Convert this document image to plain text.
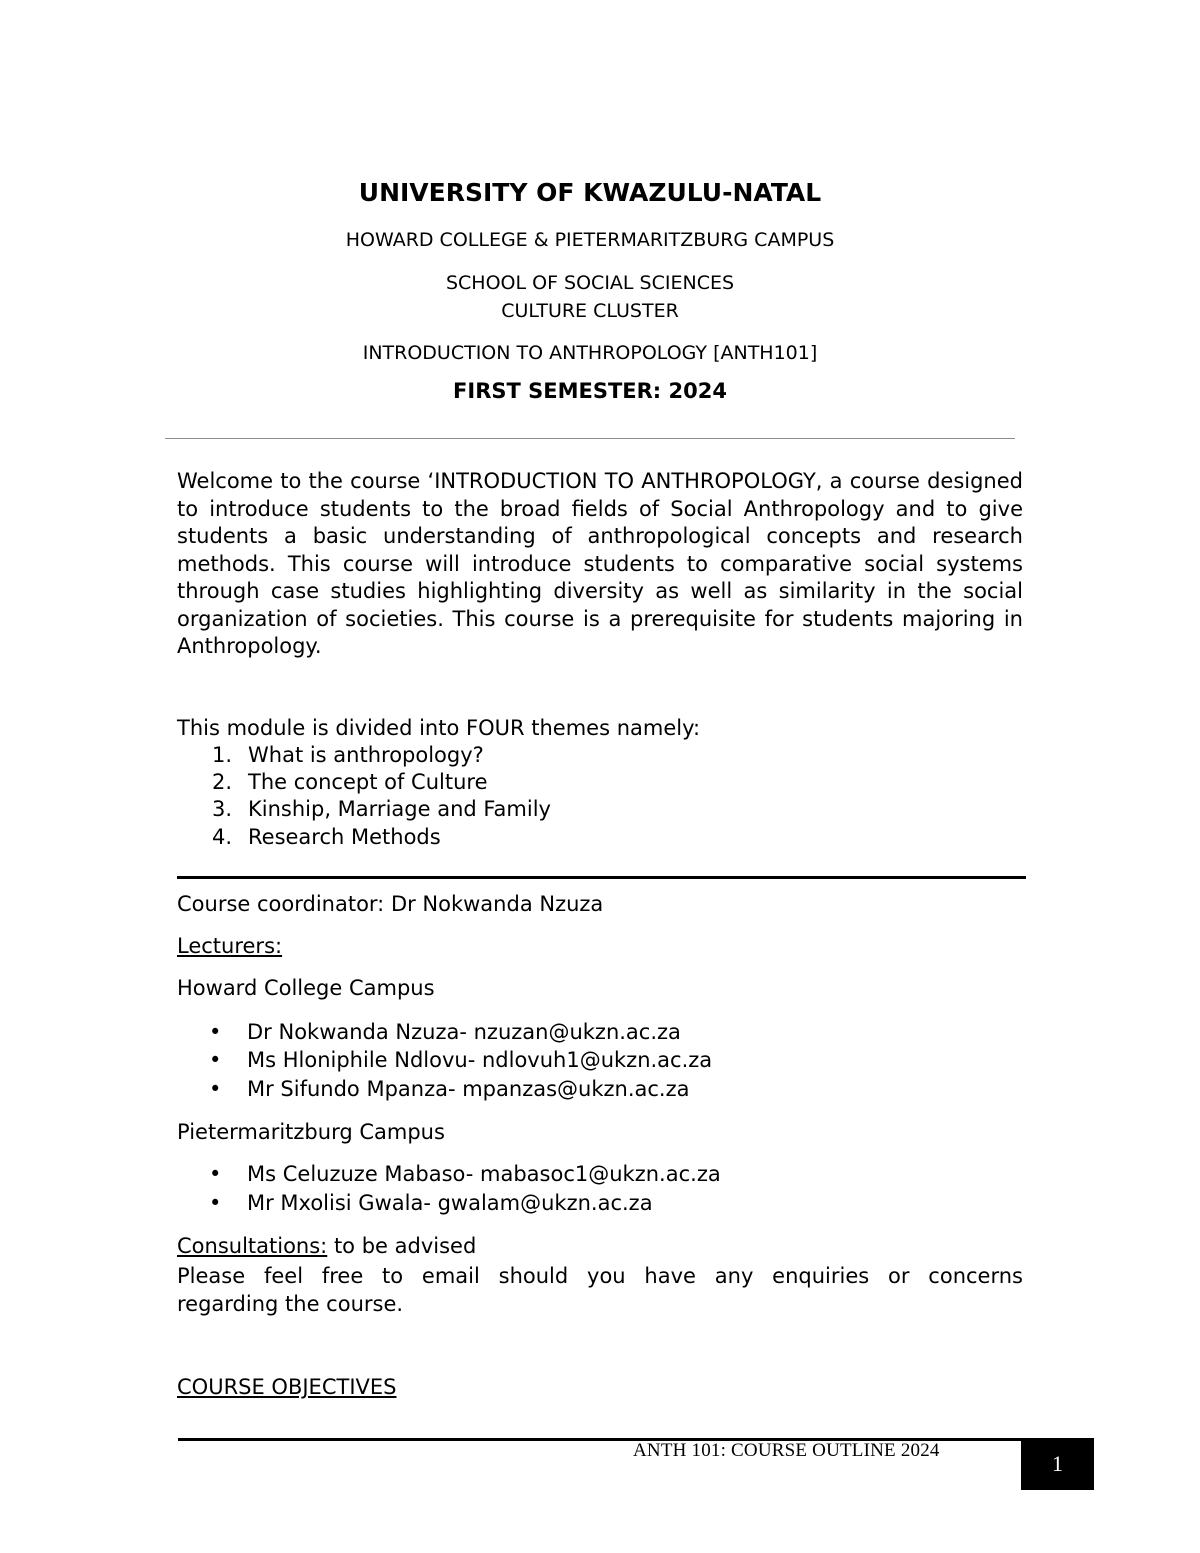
UNIVERSITY OF KWAZULU-NATAL
HOWARD COLLEGE & PIETERMARITZBURG CAMPUS
SCHOOL OF SOCIAL SCIENCES
CULTURE CLUSTER
INTRODUCTION TO ANTHROPOLOGY [ANTH101]
FIRST SEMESTER: 2024

Welcome to the course ‘INTRODUCTION TO ANTHROPOLOGY, a course designed to introduce students to the broad fields of Social Anthropology and to give students a basic understanding of anthropological concepts and research methods. This course will introduce students to comparative social systems through case studies highlighting diversity as well as similarity in the social organization of societies. This course is a prerequisite for students majoring in Anthropology.

This module is divided into FOUR themes namely:
1. What is anthropology?
2. The concept of Culture
3. Kinship, Marriage and Family
4. Research Methods
Course coordinator: Dr Nokwanda Nzuza
Lecturers:
Howard College Campus
• Dr Nokwanda Nzuza- nzuzan@ukzn.ac.za
• Ms Hloniphile Ndlovu- ndlovuh1@ukzn.ac.za
• Mr Sifundo Mpanza- mpanzas@ukzn.ac.za
Pietermaritzburg Campus
• Ms Celuzuze Mabaso- mabasoc1@ukzn.ac.za
• Mr Mxolisi Gwala- gwalam@ukzn.ac.za
Consultations: to be advised
Please feel free to email should you have any enquiries or concerns
regarding the course.
COURSE OBJECTIVES
ANTH 101: COURSE OUTLINE 2024
1
